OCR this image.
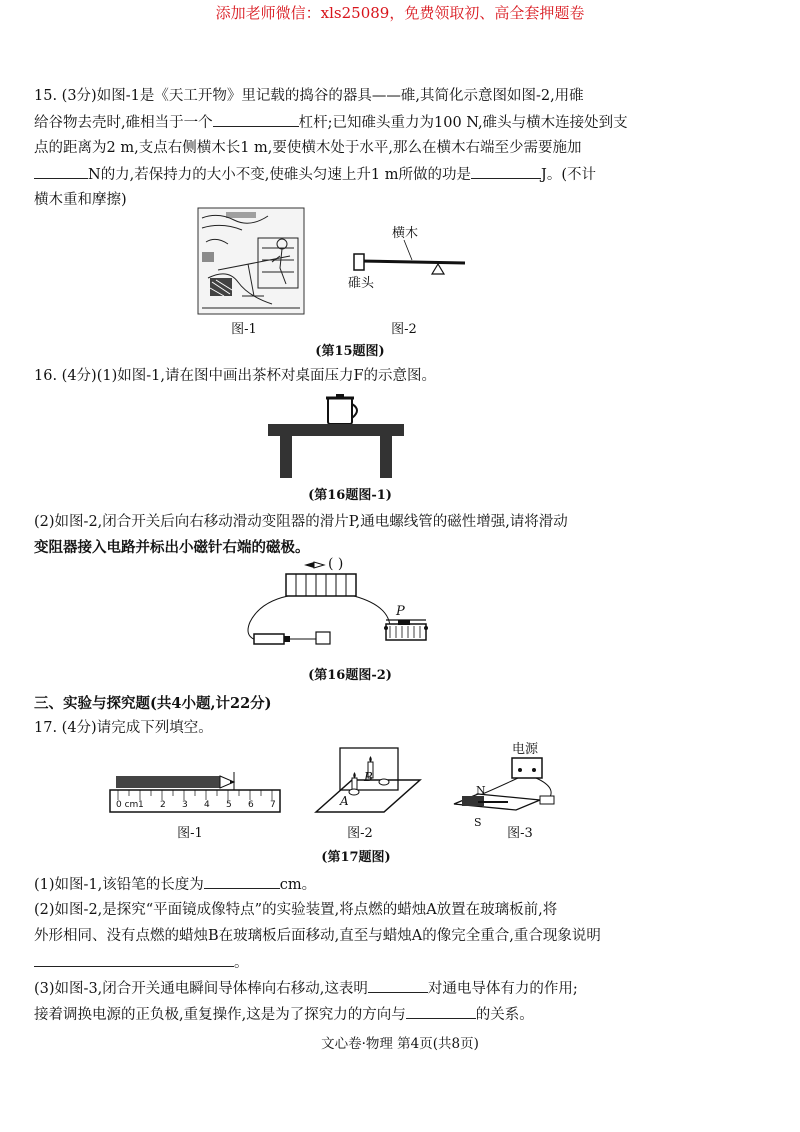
添加老师微信：xls25089，免费领取初、高全套押题卷
15. (3分)如图-1是《天工开物》里记载的捣谷的器具——碓,其简化示意图如图-2,用碓
给谷物去壳时,碓相当于一个	杠杆;已知碓头重力为100 N,碓头与横木连接处到支
点的距离为2 m,支点右侧横木长1 m,要使横木处于水平,那么在横木右端至少需要施加
N的力,若保持力的大小不变,使碓头匀速上升1 m所做的功是	J。(不计
横木重和摩擦)
图-1
横木
碓头
图-2
(第15题图)
16. (4分)(1)如图-1,请在图中画出茶杯对桌面压力F的示意图。
(第16题图-1)
(2)如图-2,闭合开关后向右移动滑动变阻器的滑片P,通电螺线管的磁性增强,请将滑动
变阻器接入电路并标出小磁针右端的磁极。
( )
P
(第16题图-2)
三、实验与探究题(共4小题,计22分)
17. (4分)请完成下列填空。
0 cm 1 2 3 4 5 6 7
图-1
A
B
图-2
电源
N
S
图-3
(第17题图)
(1)如图-1,该铅笔的长度为	cm。
(2)如图-2,是探究“平面镜成像特点”的实验装置,将点燃的蜡烛A放置在玻璃板前,将
外形相同、没有点燃的蜡烛B在玻璃板后面移动,直至与蜡烛A的像完全重合,重合现象说明
。
(3)如图-3,闭合开关通电瞬间导体棒向右移动,这表明	对通电导体有力的作用;
接着调换电源的正负极,重复操作,这是为了探究力的方向与	的关系。
文心卷·物理 第4页(共8页)
